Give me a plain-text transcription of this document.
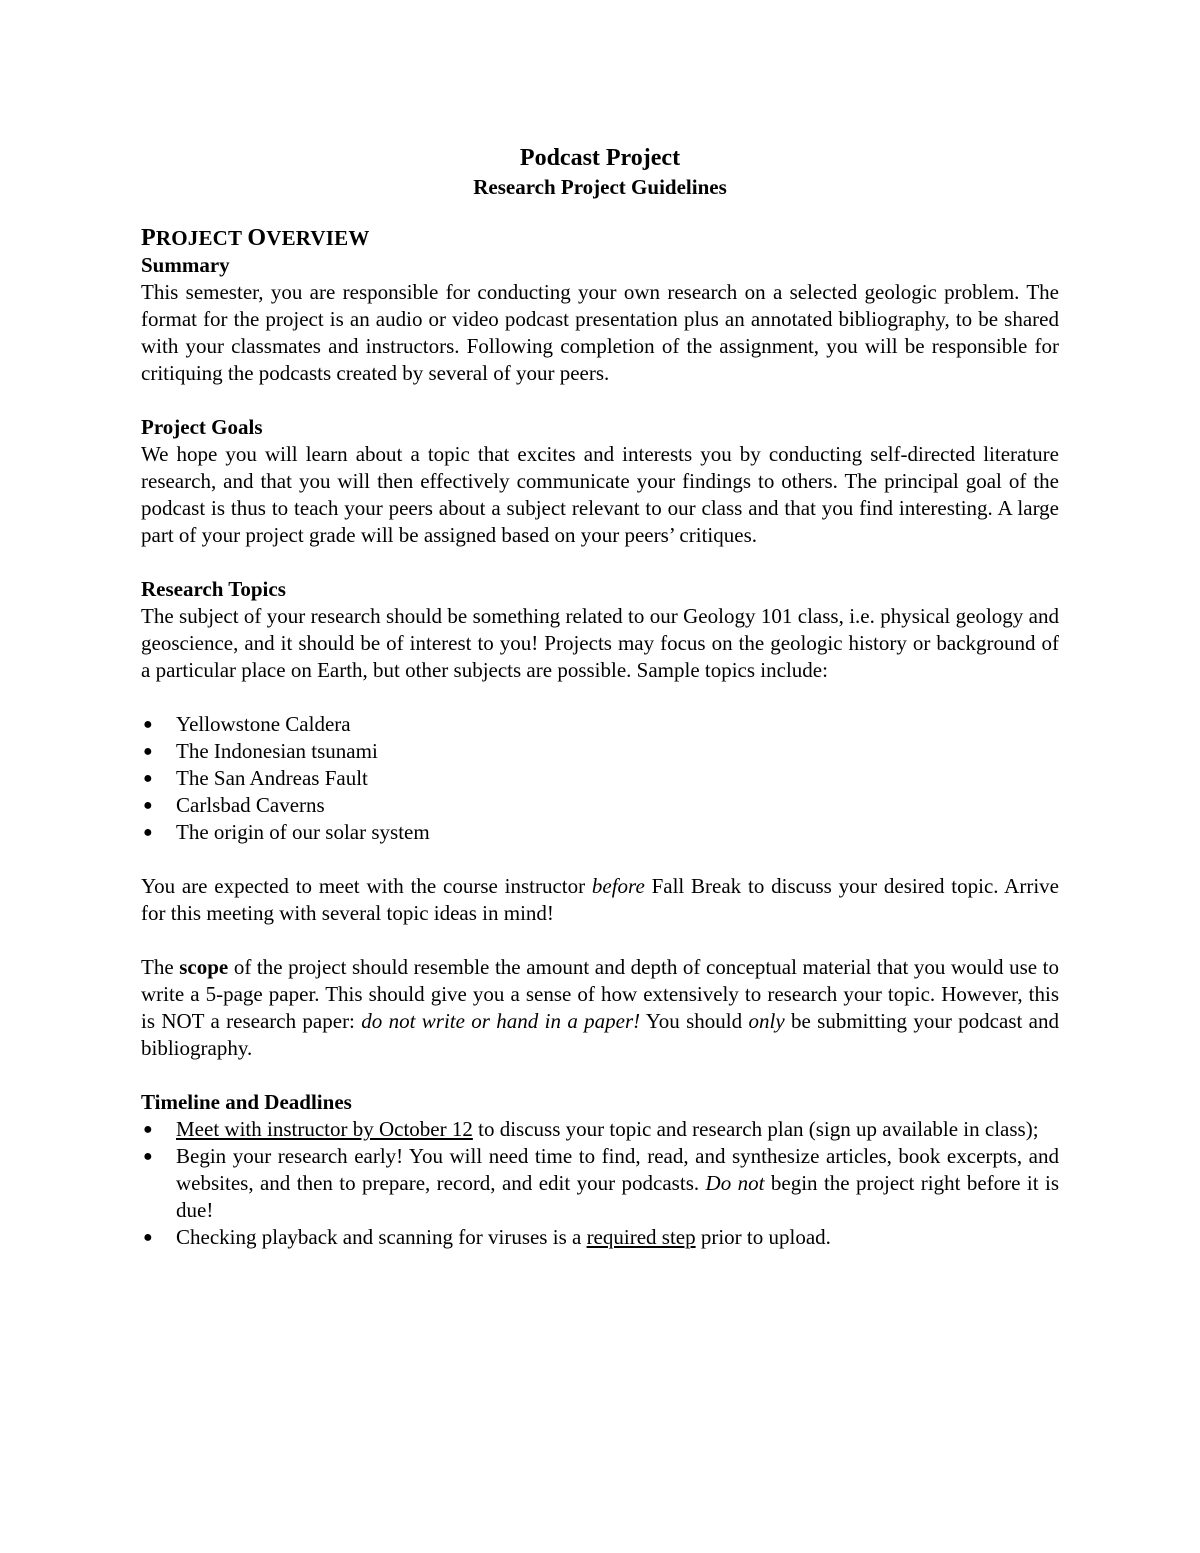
Podcast Project
Research Project Guidelines
PROJECT OVERVIEW
Summary

This semester, you are responsible for conducting your own research on a selected geologic problem. The format for the project is an audio or video podcast presentation plus an annotated bibliography, to be shared with your classmates and instructors. Following completion of the assignment, you will be responsible for critiquing the podcasts created by several of your peers.

Project Goals

We hope you will learn about a topic that excites and interests you by conducting self-directed literature research, and that you will then effectively communicate your findings to others. The principal goal of the podcast is thus to teach your peers about a subject relevant to our class and that you find interesting. A large part of your project grade will be assigned based on your peers’ critiques.

Research Topics

The subject of your research should be something related to our Geology 101 class, i.e. physical geology and geoscience, and it should be of interest to you! Projects may focus on the geologic history or background of a particular place on Earth, but other subjects are possible. Sample topics include:

● Yellowstone Caldera
● The Indonesian tsunami
● The San Andreas Fault
● Carlsbad Caverns
● The origin of our solar system

You are expected to meet with the course instructor before Fall Break to discuss your desired topic. Arrive for this meeting with several topic ideas in mind!

The scope of the project should resemble the amount and depth of conceptual material that you would use to write a 5-page paper. This should give you a sense of how extensively to research your topic. However, this is NOT a research paper: do not write or hand in a paper! You should only be submitting your podcast and bibliography.

Timeline and Deadlines
● Meet with instructor by October 12 to discuss your topic and research plan (sign up available in class);
● Begin your research early! You will need time to find, read, and synthesize articles, book excerpts, and websites, and then to prepare, record, and edit your podcasts. Do not begin the project right before it is due!
● Checking playback and scanning for viruses is a required step prior to upload.
